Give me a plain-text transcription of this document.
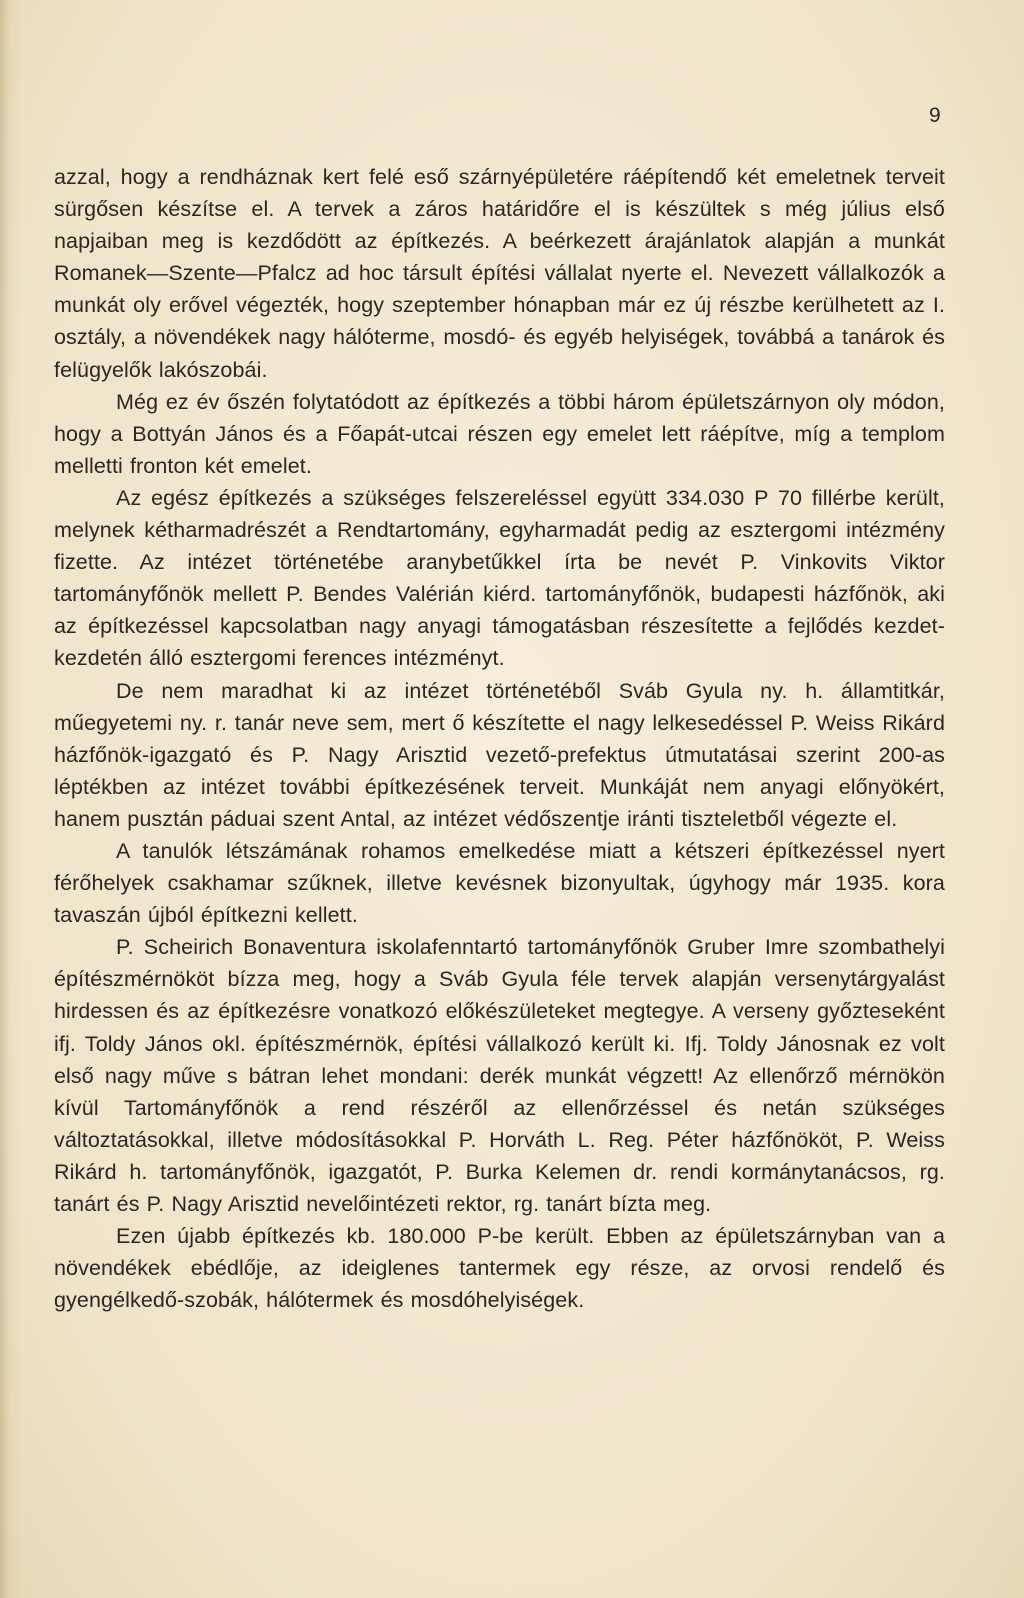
9

azzal, hogy a rendháznak kert felé eső szárnyépületére ráépítendő két emeletnek terveit sürgősen készítse el. A tervek a záros határidőre el is készültek s még július első napjaiban meg is kezdődött az építkezés. A beérkezett árajánlatok alapján a munkát Romanek—Szente—Pfalcz ad hoc társult építési vállalat nyerte el. Nevezett vállalkozók a munkát oly erővel végezték, hogy szeptember hónapban már ez új részbe kerülhetett az I. osztály, a növendékek nagy hálóterme, mosdó- és egyéb helyiségek, továbbá a tanárok és felügyelők lakószobái.

Még ez év őszén folytatódott az építkezés a többi három épületszárnyon oly módon, hogy a Bottyán János és a Főapát-utcai részen egy emelet lett ráépítve, míg a templom melletti fronton két emelet.

Az egész építkezés a szükséges felszereléssel együtt 334.030 P 70 fillérbe került, melynek kétharmadrészét a Rendtartomány, egyharmadát pedig az esztergomi intézmény fizette. Az intézet történetébe aranybetűkkel írta be nevét P. Vinkovits Viktor tartományfőnök mellett P. Bendes Valérián kiérd. tartományfőnök, budapesti házfőnök, aki az építkezéssel kapcsolatban nagy anyagi támogatásban részesítette a fejlődés kezdet-kezdetén álló esztergomi ferences intézményt.

De nem maradhat ki az intézet történetéből Sváb Gyula ny. h. államtitkár, műegyetemi ny. r. tanár neve sem, mert ő készítette el nagy lelkesedéssel P. Weiss Rikárd házfőnök-igazgató és P. Nagy Arisztid vezető-prefektus útmutatásai szerint 200-as léptékben az intézet további építkezésének terveit. Munkáját nem anyagi előnyökért, hanem pusztán páduai szent Antal, az intézet védőszentje iránti tiszteletből végezte el.

A tanulók létszámának rohamos emelkedése miatt a kétszeri építkezéssel nyert férőhelyek csakhamar szűknek, illetve kevésnek bizonyultak, úgyhogy már 1935. kora tavaszán újból építkezni kellett.

P. Scheirich Bonaventura iskolafenntartó tartományfőnök Gruber Imre szombathelyi építészmérnököt bízza meg, hogy a Sváb Gyula féle tervek alapján versenytárgyalást hirdessen és az építkezésre vonatkozó előkészületeket megtegye. A verseny győzteseként ifj. Toldy János okl. építészmérnök, építési vállalkozó került ki. Ifj. Toldy Jánosnak ez volt első nagy műve s bátran lehet mondani: derék munkát végzett! Az ellenőrző mérnökön kívül Tartományfőnök a rend részéről az ellenőrzéssel és netán szükséges változtatásokkal, illetve módosításokkal P. Horváth L. Reg. Péter házfőnököt, P. Weiss Rikárd h. tartományfőnök, igazgatót, P. Burka Kelemen dr. rendi kormánytanácsos, rg. tanárt és P. Nagy Arisztid nevelőintézeti rektor, rg. tanárt bízta meg.

Ezen újabb építkezés kb. 180.000 P-be került. Ebben az épületszárnyban van a növendékek ebédlője, az ideiglenes tantermek egy része, az orvosi rendelő és gyengélkedő-szobák, hálótermek és mosdóhelyiségek.
